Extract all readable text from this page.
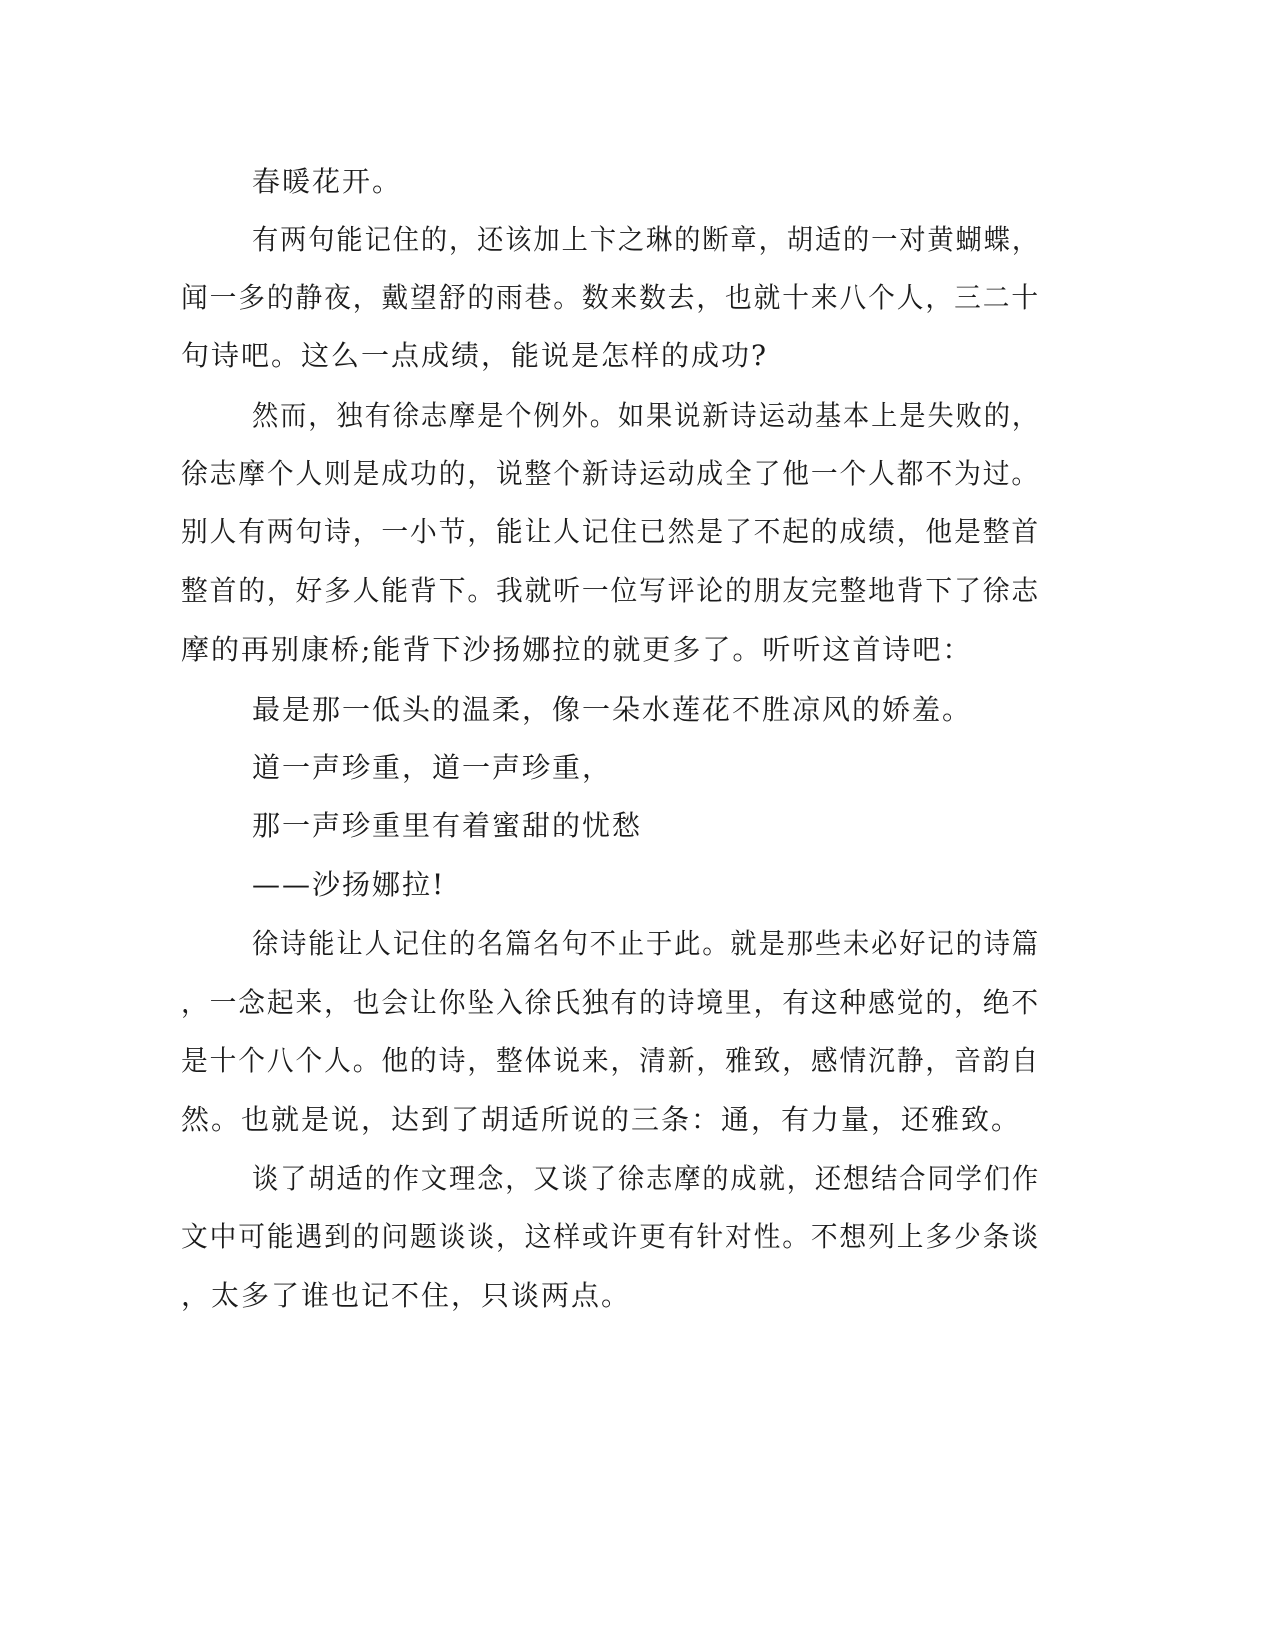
春暖花开。
有两句能记住的，还该加上卞之琳的断章，胡适的一对黄蝴蝶，
闻一多的静夜，戴望舒的雨巷。数来数去，也就十来八个人，三二十
句诗吧。这么一点成绩，能说是怎样的成功?
然而，独有徐志摩是个例外。如果说新诗运动基本上是失败的，
徐志摩个人则是成功的，说整个新诗运动成全了他一个人都不为过。
别人有两句诗，一小节，能让人记住已然是了不起的成绩，他是整首
整首的，好多人能背下。我就听一位写评论的朋友完整地背下了徐志
摩的再别康桥;能背下沙扬娜拉的就更多了。听听这首诗吧：
最是那一低头的温柔，像一朵水莲花不胜凉风的娇羞。
道一声珍重，道一声珍重，
那一声珍重里有着蜜甜的忧愁
——沙扬娜拉!
徐诗能让人记住的名篇名句不止于此。就是那些未必好记的诗篇
，一念起来，也会让你坠入徐氏独有的诗境里，有这种感觉的，绝不
是十个八个人。他的诗，整体说来，清新，雅致，感情沉静，音韵自
然。也就是说，达到了胡适所说的三条：通，有力量，还雅致。
谈了胡适的作文理念，又谈了徐志摩的成就，还想结合同学们作
文中可能遇到的问题谈谈，这样或许更有针对性。不想列上多少条谈
，太多了谁也记不住，只谈两点。
